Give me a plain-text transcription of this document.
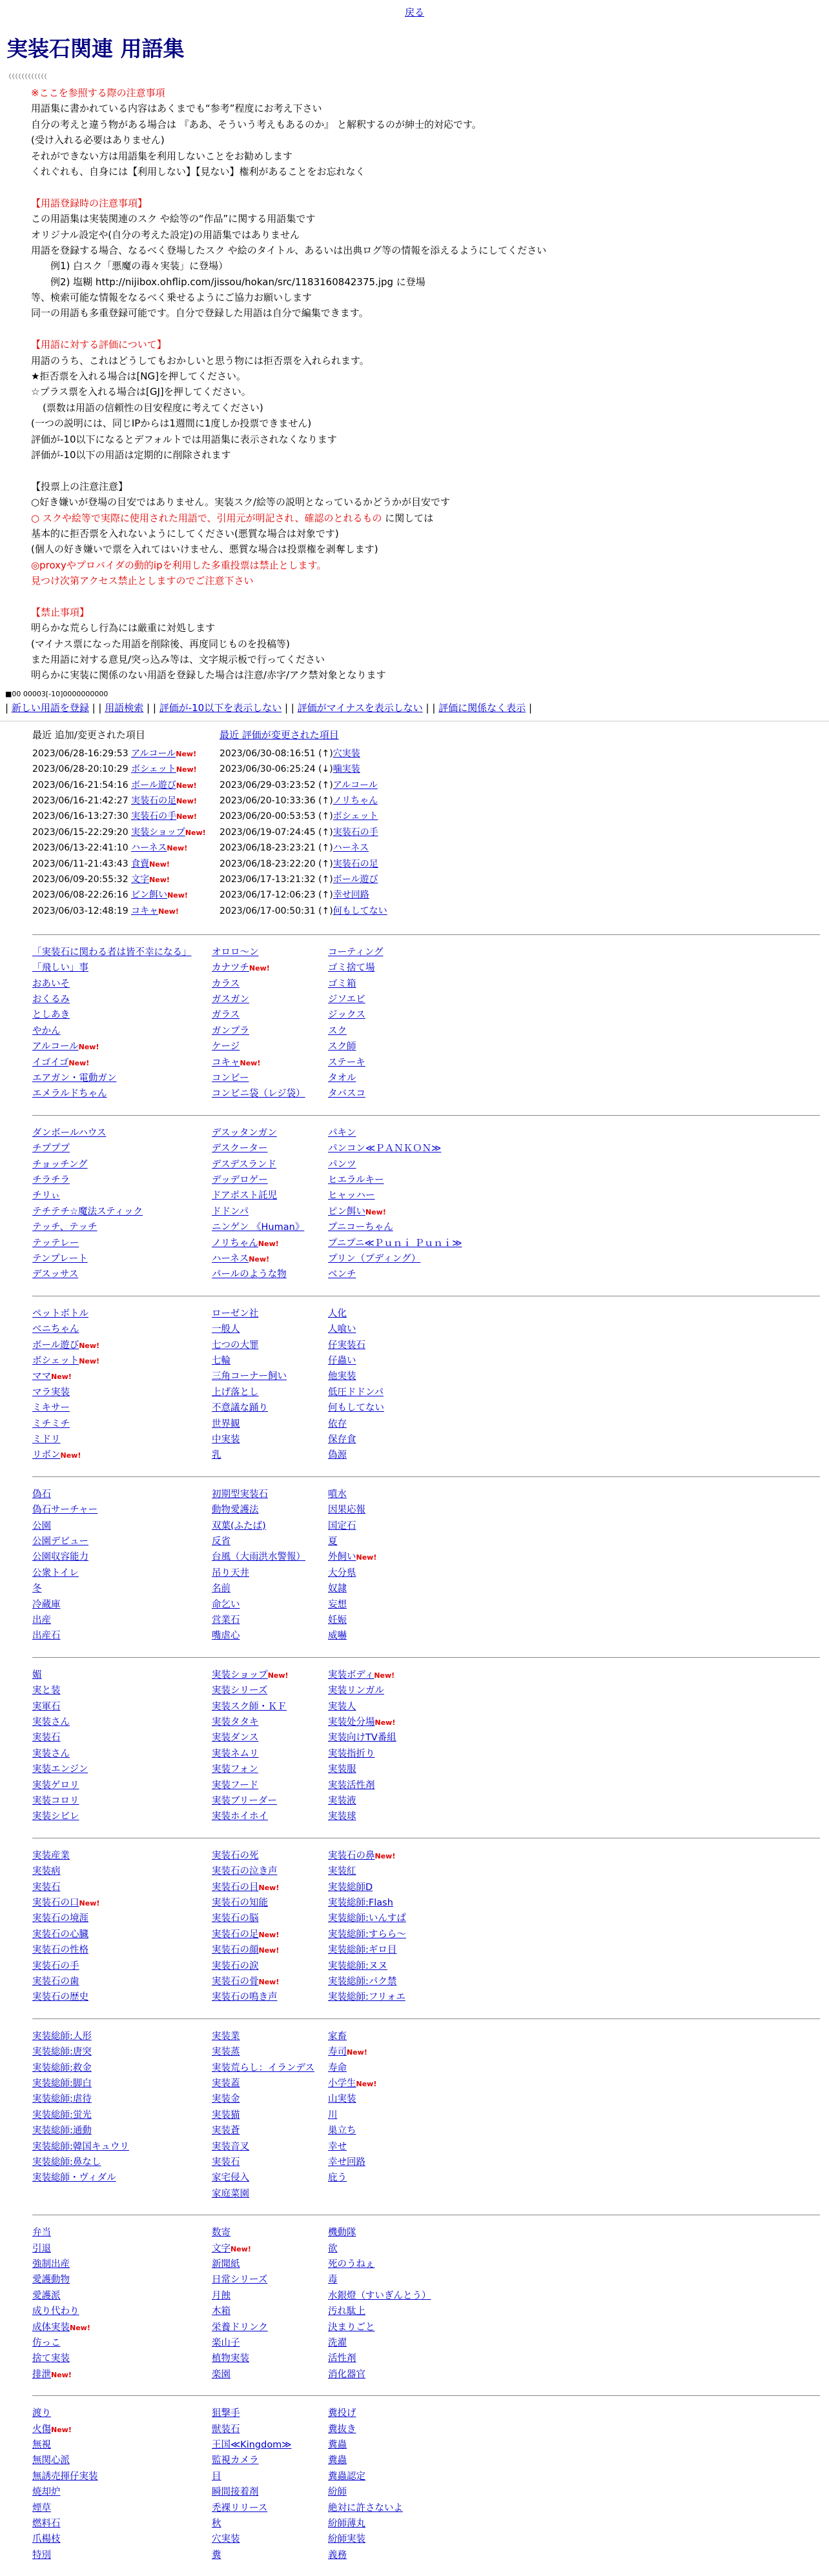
戻る
実装石関連 用語集
（（（（（（（（（（（（
※ここを参照する際の注意事項
用語集に書かれている内容はあくまでも“参考”程度にお考え下さい
自分の考えと違う物がある場合は 『ああ、そういう考えもあるのか』 と解釈するのが紳士的対応です。
(受け入れる必要はありません)
それができない方は用語集を利用しないことをお勧めします
くれぐれも、自身には【利用しない】【見ない】権利があることをお忘れなく

【用語登録時の注意事項】
この用語集は実装関連のスク や絵等の“作品”に関する用語集です
オリジナル設定や(自分の考えた設定)の用語集ではありません
用語を登録する場合、なるべく登場したスク や絵のタイトル、あるいは出典ログ等の情報を添えるようにしてください
例1) 白スク「悪魔の毒々実装」に登場）
例2) 塩糊 http://nijibox.ohflip.com/jissou/hokan/src/1183160842375.jpg に登場
等、検索可能な情報をなるべく乗せるようにご協力お願いします
同一の用語も多重登録可能です。自分で登録した用語は自分で編集できます。

【用語に対する評価について】
用語のうち、これはどうしてもおかしいと思う物には拒否票を入れられます。
★拒否票を入れる場合は[NG]を押してください。
☆プラス票を入れる場合は[GJ]を押してください。
(票数は用語の信頼性の目安程度に考えてください)
(一つの説明には、同じIPからは1週間に1度しか投票できません)
評価が-10以下になるとデフォルトでは用語集に表示されなくなります
評価が-10以下の用語は定期的に削除されます

【投票上の注意注意】
○好き嫌いが登場の目安ではありません。実装スク/絵等の説明となっているかどうかが目安です
○ スクや絵等で実際に使用された用語で、引用元が明記され、確認のとれるもの に関しては
基本的に拒否票を入れないようにしてください(悪質な場合は対象です)
(個人の好き嫌いで票を入れてはいけません、悪質な場合は投票権を剥奪します)
◎proxyやプロバイダの動的ipを利用した多重投票は禁止とします。
見つけ次第アクセス禁止としますのでご注意下さい

【禁止事項】
明らかな荒らし行為には厳重に対処します
(マイナス票になった用語を削除後、再度同じものを投稿等)
また用語に対する意見/突っ込み等は、文字規示板で行ってください
明らかに実装に関係のない用語を登録した場合は注意/赤字/アク禁対象となります
■00 00003[-10]0000000000
| 新しい用語を登録 | | 用語検索 | | 評価が-10以下を表示しない | | 評価がマイナスを表示しない | | 評価に関係なく表示 |
最近 追加/変更された項目
2023/06/28-16:29:53 アルコールNew!
2023/06/28-20:10:29 ボシェットNew!
2023/06/16-21:54:16 ボール遊びNew!
2023/06/16-21:42:27 実装石の足New!
2023/06/16-13:27:30 実装石の手New!
2023/06/15-22:29:20 実装ショップNew!
2023/06/13-22:41:10 ハーネスNew!
2023/06/11-21:43:43 食賣New!
2023/06/09-20:55:32 文字New!
2023/06/08-22:26:16 ピン餌いNew!
2023/06/03-12:48:19 コキャNew!
最近 評価が変更された項目
2023/06/30-08:16:51 (↑)穴実装
2023/06/30-06:25:24 (↓)噛実装
2023/06/29-03:23:52 (↑)アルコール
2023/06/20-10:33:36 (↑)ノリちゃん
2023/06/20-00:53:53 (↑)ボシェット
2023/06/19-07:24:45 (↑)実装石の手
2023/06/18-23:23:21 (↑)ハーネス
2023/06/18-23:22:20 (↑)実装石の足
2023/06/17-13:21:32 (↑)ボール遊び
2023/06/17-12:06:23 (↑)幸せ回路
2023/06/17-00:50:31 (↑)何もしてない
「実装石に関わる者は皆不幸になる」
「飛しい」事
おあいそ
おくるみ
としあき
やかん
アルコールNew!
イゴイゴNew!
エアガン・電動ガン
エメラルドちゃん
オロロ〜ン
カナツチNew!
カラス
ガスガン
ガラス
ガンプラ
ケージ
コキャNew!
コンビー
コンビニ袋（レジ袋）
コーティング
ゴミ捨て場
ゴミ箱
ジソエビ
ジックス
スク
スク師
ステーキ
タオル
タバスコ
ダンボールハウス
チプププ
チョッチング
チラチラ
チリぃ
テチテチ☆魔法スティック
テッチ、テッチ
テッテレー
テンプレート
デスッサス
デスッタンガン
デスクーター
デスデスランド
デッデロゲー
ドアポスト託児
ドドンパ
ニンゲン 《Human》
ノリちゃんNew!
ハーネスNew!
パールのような物
パキン
パンコン≪ＰＡＮＫＯＮ≫
パンツ
ヒエラルキー
ヒャッハー
ピン餌いNew!
プニコーちゃん
プニプニ≪Ｐｕｎｉ Ｐｕｎｉ≫
プリン（プディング）
ベンチ
ペットボトル
べニちゃん
ボール遊びNew!
ボシェットNew!
ママNew!
マラ実装
ミキサー
ミチミチ
ミドリ
リボンNew!
ローゼン社
一般人
七つの大罪
七輪
三角コーナー飼い
上げ落とし
不意議な踊り
世界観
中実装
乳
人化
人喰い
仔実装石
仔蟲い
他実装
低圧ドドンパ
何もしてない
依存
保存食
偽源
偽石
偽石サーチャー
公園
公園デビュー
公園収容能力
公衆トイレ
冬
冷蔵庫
出産
出産石
初期型実装石
動物愛護法
双葉(ふたば)
反省
台風（大雨洪水警報）
吊り天井
名前
命乞い
営業石
嘴虐心
噴水
因果応報
国定石
夏
外飼いNew!
大分県
奴隷
妄想
妊娠
威嚇
媚
実と装
実軍石
実装さん
実装石
実装さん
実装エンジン
実装ゲロリ
実装コロリ
実装シビレ
実装ショップNew!
実装シリーズ
実装スク師・ＫＦ
実装タタキ
実装ダンス
実装ネムリ
実装フォン
実装フード
実装ブリーダー
実装ホイホイ
実装ボディNew!
実装リンガル
実装人
実装处分場New!
実装向けTV番組
実装指折り
実装服
実装活性剤
実装液
実装球
実装産業
実装病
実装石
実装石の口New!
実装石の境涯
実装石の心臓
実装石の性格
実装石の手
実装石の歯
実装石の歴史
実装石の死
実装石の泣き声
実装石の目New!
実装石の知能
実装石の脳
実装石の足New!
実装石の顔New!
実装石の涙
実装石の骨New!
実装石の鳴き声
実装石の鼻New!
実装紅
実装総師D
実装総師:Flash
実装総師:いんすぱ
実装総師:すらら〜
実装総師:ギロ目
実装総師:ヌヌ
実装総師:パク禁
実装総師:フリォエ
実装総師:人形
実装総師:唐突
実装総師:救金
実装総師:脚白
実装総師:虐待
実装総師:蛍光
実装総師:通動
実装総師:韓国キュウリ
実装総師:鼻なし
実装総師・ヴィダル
実装業
実装蒸
実装荒らし：イランデス
実装蓋
実装金
実装猫
実装蒼
実装音叉
実装石
家宅侵入
家庭菜園
家畜
寿司New!
寿命
小学生New!
山実装
川
巣立ち
幸せ
幸せ回路
庇う
弁当
引退
強制出産
愛護動物
愛護派
成り代わり
成体実装New!
仿っこ
捨て実装
排泄New!
数寄
文字New!
新聞紙
日常シリーズ
月蝕
木箱
栄養ドリンク
楽山子
植物実装
楽園
機動隊
欲
死のうねぇ
毒
水銀燈（すいぎんとう）
汚れ駄上
決まりごと
洗濯
活性剤
消化器官
渡り
火傷New!
無視
無関心派
無誘売揮仔実装
焼却炉
煙草
燃料石
爪楊枝
特別
狙撃手
獣装石
王国≪Kingdom≫
監視カメラ
目
瞬間接着剤
禿裸リリース
秋
穴実装
糞
糞投げ
糞抜き
糞蟲
糞蟲
糞蟲認定
紛師
絶対に許さないよ
紛師薄丸
紛師実装
義務
